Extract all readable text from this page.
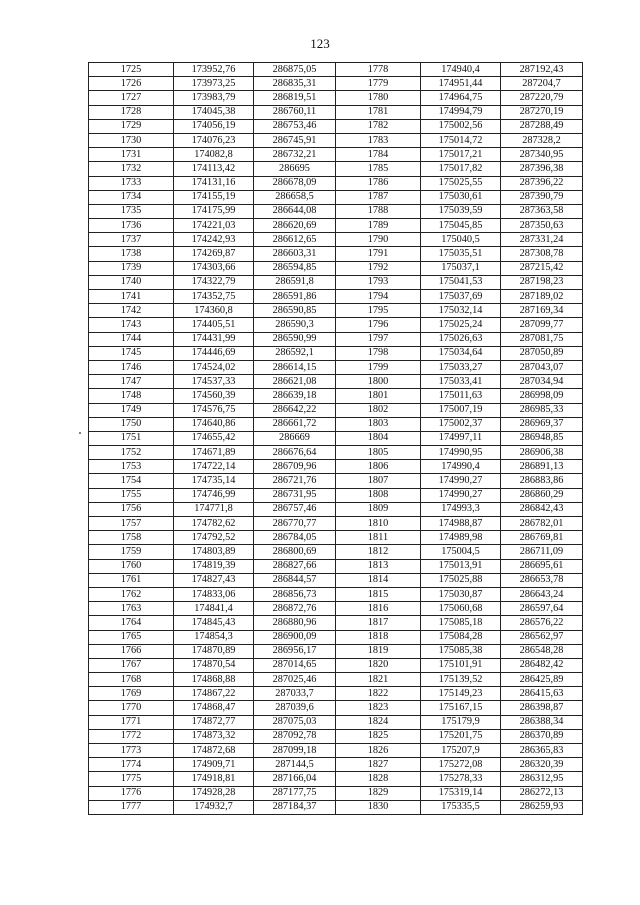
123
1725	173952,76	286875,05	1778	174940,4	287192,43
1726	173973,25	286835,31	1779	174951,44	287204,7
1727	173983,79	286819,51	1780	174964,75	287220,79
1728	174045,38	286760,11	1781	174994,79	287270,19
1729	174056,19	286753,46	1782	175002,56	287288,49
1730	174076,23	286745,91	1783	175014,72	287328,2
1731	174082,8	286732,21	1784	175017,21	287340,95
1732	174113,42	286695	1785	175017,82	287396,38
1733	174131,16	286678,09	1786	175025,55	287396,22
1734	174155,19	286658,5	1787	175030,61	287390,79
1735	174175,99	286644,08	1788	175039,59	287363,58
1736	174221,03	286620,69	1789	175045,85	287350,63
1737	174242,93	286612,65	1790	175040,5	287331,24
1738	174269,87	286603,31	1791	175035,51	287308,78
1739	174303,66	286594,85	1792	175037,1	287215,42
1740	174322,79	286591,8	1793	175041,53	287198,23
1741	174352,75	286591,86	1794	175037,69	287189,02
1742	174360,8	286590,85	1795	175032,14	287169,34
1743	174405,51	286590,3	1796	175025,24	287099,77
1744	174431,99	286590,99	1797	175026,63	287081,75
1745	174446,69	286592,1	1798	175034,64	287050,89
1746	174524,02	286614,15	1799	175033,27	287043,07
1747	174537,33	286621,08	1800	175033,41	287034,94
1748	174560,39	286639,18	1801	175011,63	286998,09
1749	174576,75	286642,22	1802	175007,19	286985,33
1750	174640,86	286661,72	1803	175002,37	286969,37
1751	174655,42	286669	1804	174997,11	286948,85
1752	174671,89	286676,64	1805	174990,95	286906,38
1753	174722,14	286709,96	1806	174990,4	286891,13
1754	174735,14	286721,76	1807	174990,27	286883,86
1755	174746,99	286731,95	1808	174990,27	286860,29
1756	174771,8	286757,46	1809	174993,3	286842,43
1757	174782,62	286770,77	1810	174988,87	286782,01
1758	174792,52	286784,05	1811	174989,98	286769,81
1759	174803,89	286800,69	1812	175004,5	286711,09
1760	174819,39	286827,66	1813	175013,91	286695,61
1761	174827,43	286844,57	1814	175025,88	286653,78
1762	174833,06	286856,73	1815	175030,87	286643,24
1763	174841,4	286872,76	1816	175060,68	286597,64
1764	174845,43	286880,96	1817	175085,18	286576,22
1765	174854,3	286900,09	1818	175084,28	286562,97
1766	174870,89	286956,17	1819	175085,38	286548,28
1767	174870,54	287014,65	1820	175101,91	286482,42
1768	174868,88	287025,46	1821	175139,52	286425,89
1769	174867,22	287033,7	1822	175149,23	286415,63
1770	174868,47	287039,6	1823	175167,15	286398,87
1771	174872,77	287075,03	1824	175179,9	286388,34
1772	174873,32	287092,78	1825	175201,75	286370,89
1773	174872,68	287099,18	1826	175207,9	286365,83
1774	174909,71	287144,5	1827	175272,08	286320,39
1775	174918,81	287166,04	1828	175278,33	286312,95
1776	174928,28	287177,75	1829	175319,14	286272,13
1777	174932,7	287184,37	1830	175335,5	286259,93
